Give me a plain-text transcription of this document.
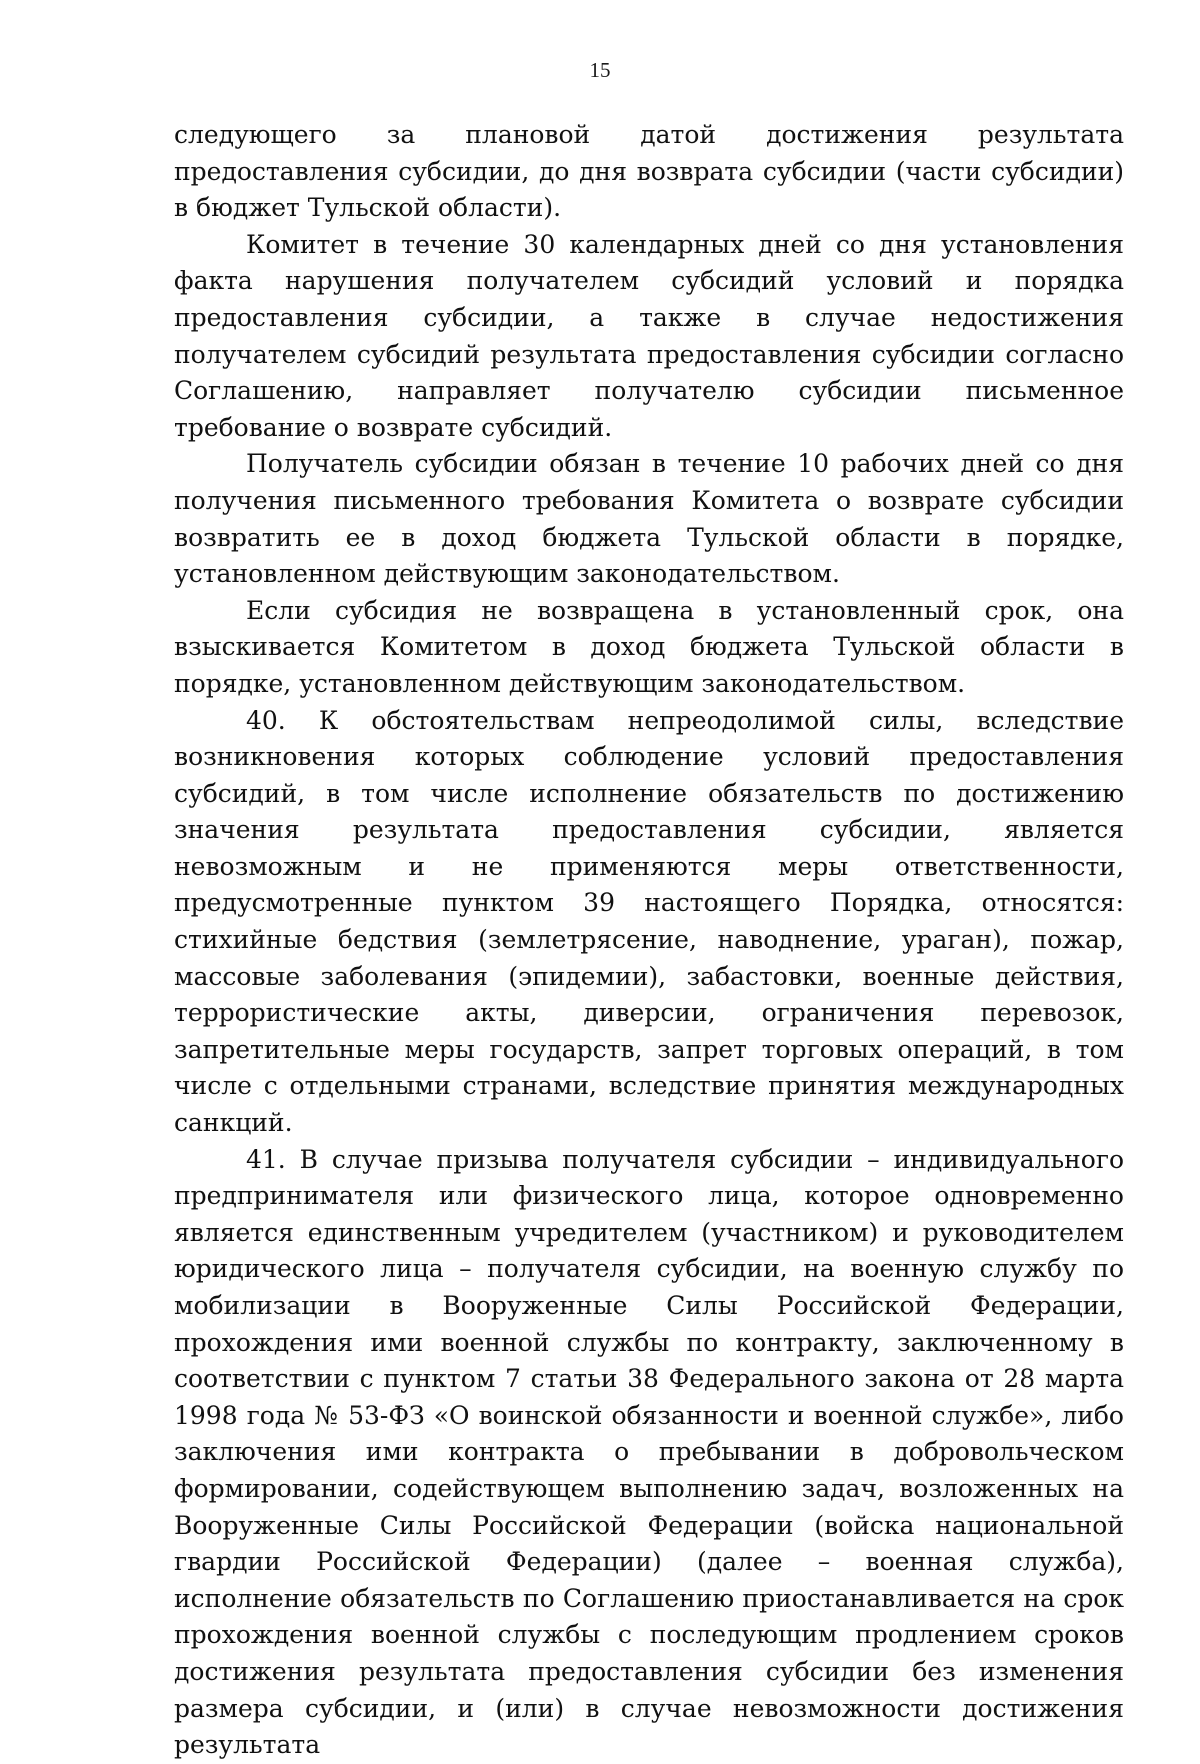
15

следующего за плановой датой достижения результата предоставления субсидии, до дня возврата субсидии (части субсидии) в бюджет Тульской области).

Комитет в течение 30 календарных дней со дня установления факта нарушения получателем субсидий условий и порядка предоставления субсидии, а также в случае недостижения получателем субсидий результата предоставления субсидии согласно Соглашению, направляет получателю субсидии письменное требование о возврате субсидий.

Получатель субсидии обязан в течение 10 рабочих дней со дня получения письменного требования Комитета о возврате субсидии возвратить ее в доход бюджета Тульской области в порядке, установленном действующим законодательством.

Если субсидия не возвращена в установленный срок, она взыскивается Комитетом в доход бюджета Тульской области в порядке, установленном действующим законодательством.

40. К обстоятельствам непреодолимой силы, вследствие возникновения которых соблюдение условий предоставления субсидий, в том числе исполнение обязательств по достижению значения результата предоставления субсидии, является невозможным и не применяются меры ответственности, предусмотренные пунктом 39 настоящего Порядка, относятся: стихийные бедствия (землетрясение, наводнение, ураган), пожар, массовые заболевания (эпидемии), забастовки, военные действия, террористические акты, диверсии, ограничения перевозок, запретительные меры государств, запрет торговых операций, в том числе с отдельными странами, вследствие принятия международных санкций.

41. В случае призыва получателя субсидии – индивидуального предпринимателя или физического лица, которое одновременно является единственным учредителем (участником) и руководителем юридического лица – получателя субсидии, на военную службу по мобилизации в Вооруженные Силы Российской Федерации, прохождения ими военной службы по контракту, заключенному в соответствии с пунктом 7 статьи 38 Федерального закона от 28 марта 1998 года № 53-ФЗ «О воинской обязанности и военной службе», либо заключения ими контракта о пребывании в добровольческом формировании, содействующем выполнению задач, возложенных на Вооруженные Силы Российской Федерации (войска национальной гвардии Российской Федерации) (далее – военная служба), исполнение обязательств по Соглашению приостанавливается на срок прохождения военной службы с последующим продлением сроков достижения результата предоставления субсидии без изменения размера субсидии, и (или) в случае невозможности достижения результата
